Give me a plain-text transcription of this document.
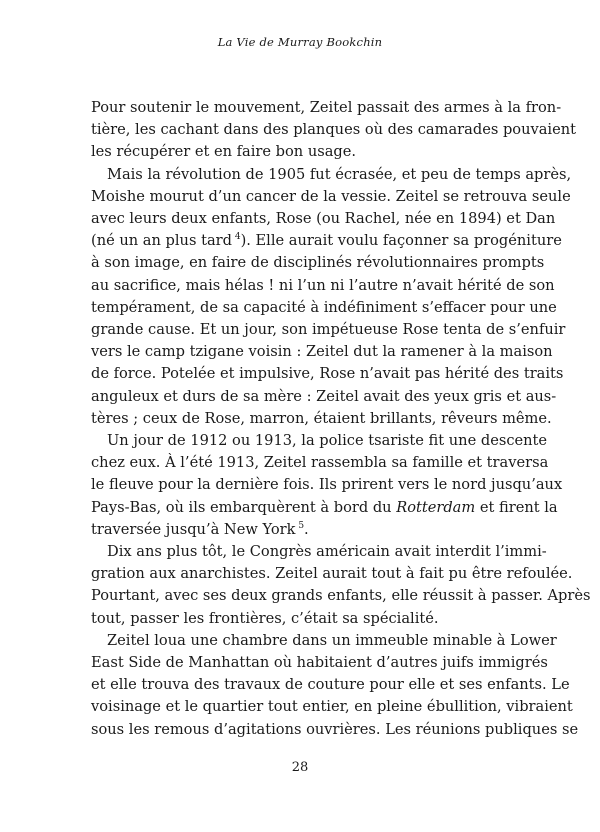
La Vie de Murray Bookchin

Pour soutenir le mouvement, Zeitel passait des armes à la fron-
tière, les cachant dans des planques où des camarades pouvaient
les récupérer et en faire bon usage.

Mais la révolution de 1905 fut écrasée, et peu de temps après,
Moishe mourut d’un cancer de la vessie. Zeitel se retrouva seule
avec leurs deux enfants, Rose (ou Rachel, née en 1894) et Dan
(né un an plus tard $^4$). Elle aurait voulu façonner sa progéniture
à son image, en faire de disciplinés révolutionnaires prompts
au sacrifice, mais hélas ! ni l’un ni l’autre n’avait hérité de son
tempérament, de sa capacité à indéfiniment s’effacer pour une
grande cause. Et un jour, son impétueuse Rose tenta de s’enfuir
vers le camp tzigane voisin : Zeitel dut la ramener à la maison
de force. Potelée et impulsive, Rose n’avait pas hérité des traits
anguleux et durs de sa mère : Zeitel avait des yeux gris et aus-
tères ; ceux de Rose, marron, étaient brillants, rêveurs même.

Un jour de 1912 ou 1913, la police tsariste fit une descente
chez eux. À l’été 1913, Zeitel rassembla sa famille et traversa
le fleuve pour la dernière fois. Ils prirent vers le nord jusqu’aux
Pays-Bas, où ils embarquèrent à bord du Rotterdam et firent la
traversée jusqu’à New York $^5$.

Dix ans plus tôt, le Congrès américain avait interdit l’immi-
gration aux anarchistes. Zeitel aurait tout à fait pu être refoulée.
Pourtant, avec ses deux grands enfants, elle réussit à passer. Après
tout, passer les frontières, c’était sa spécialité.

Zeitel loua une chambre dans un immeuble minable à Lower
East Side de Manhattan où habitaient d’autres juifs immigrés
et elle trouva des travaux de couture pour elle et ses enfants. Le
voisinage et le quartier tout entier, en pleine ébullition, vibraient
sous les remous d’agitations ouvrières. Les réunions publiques se

28
